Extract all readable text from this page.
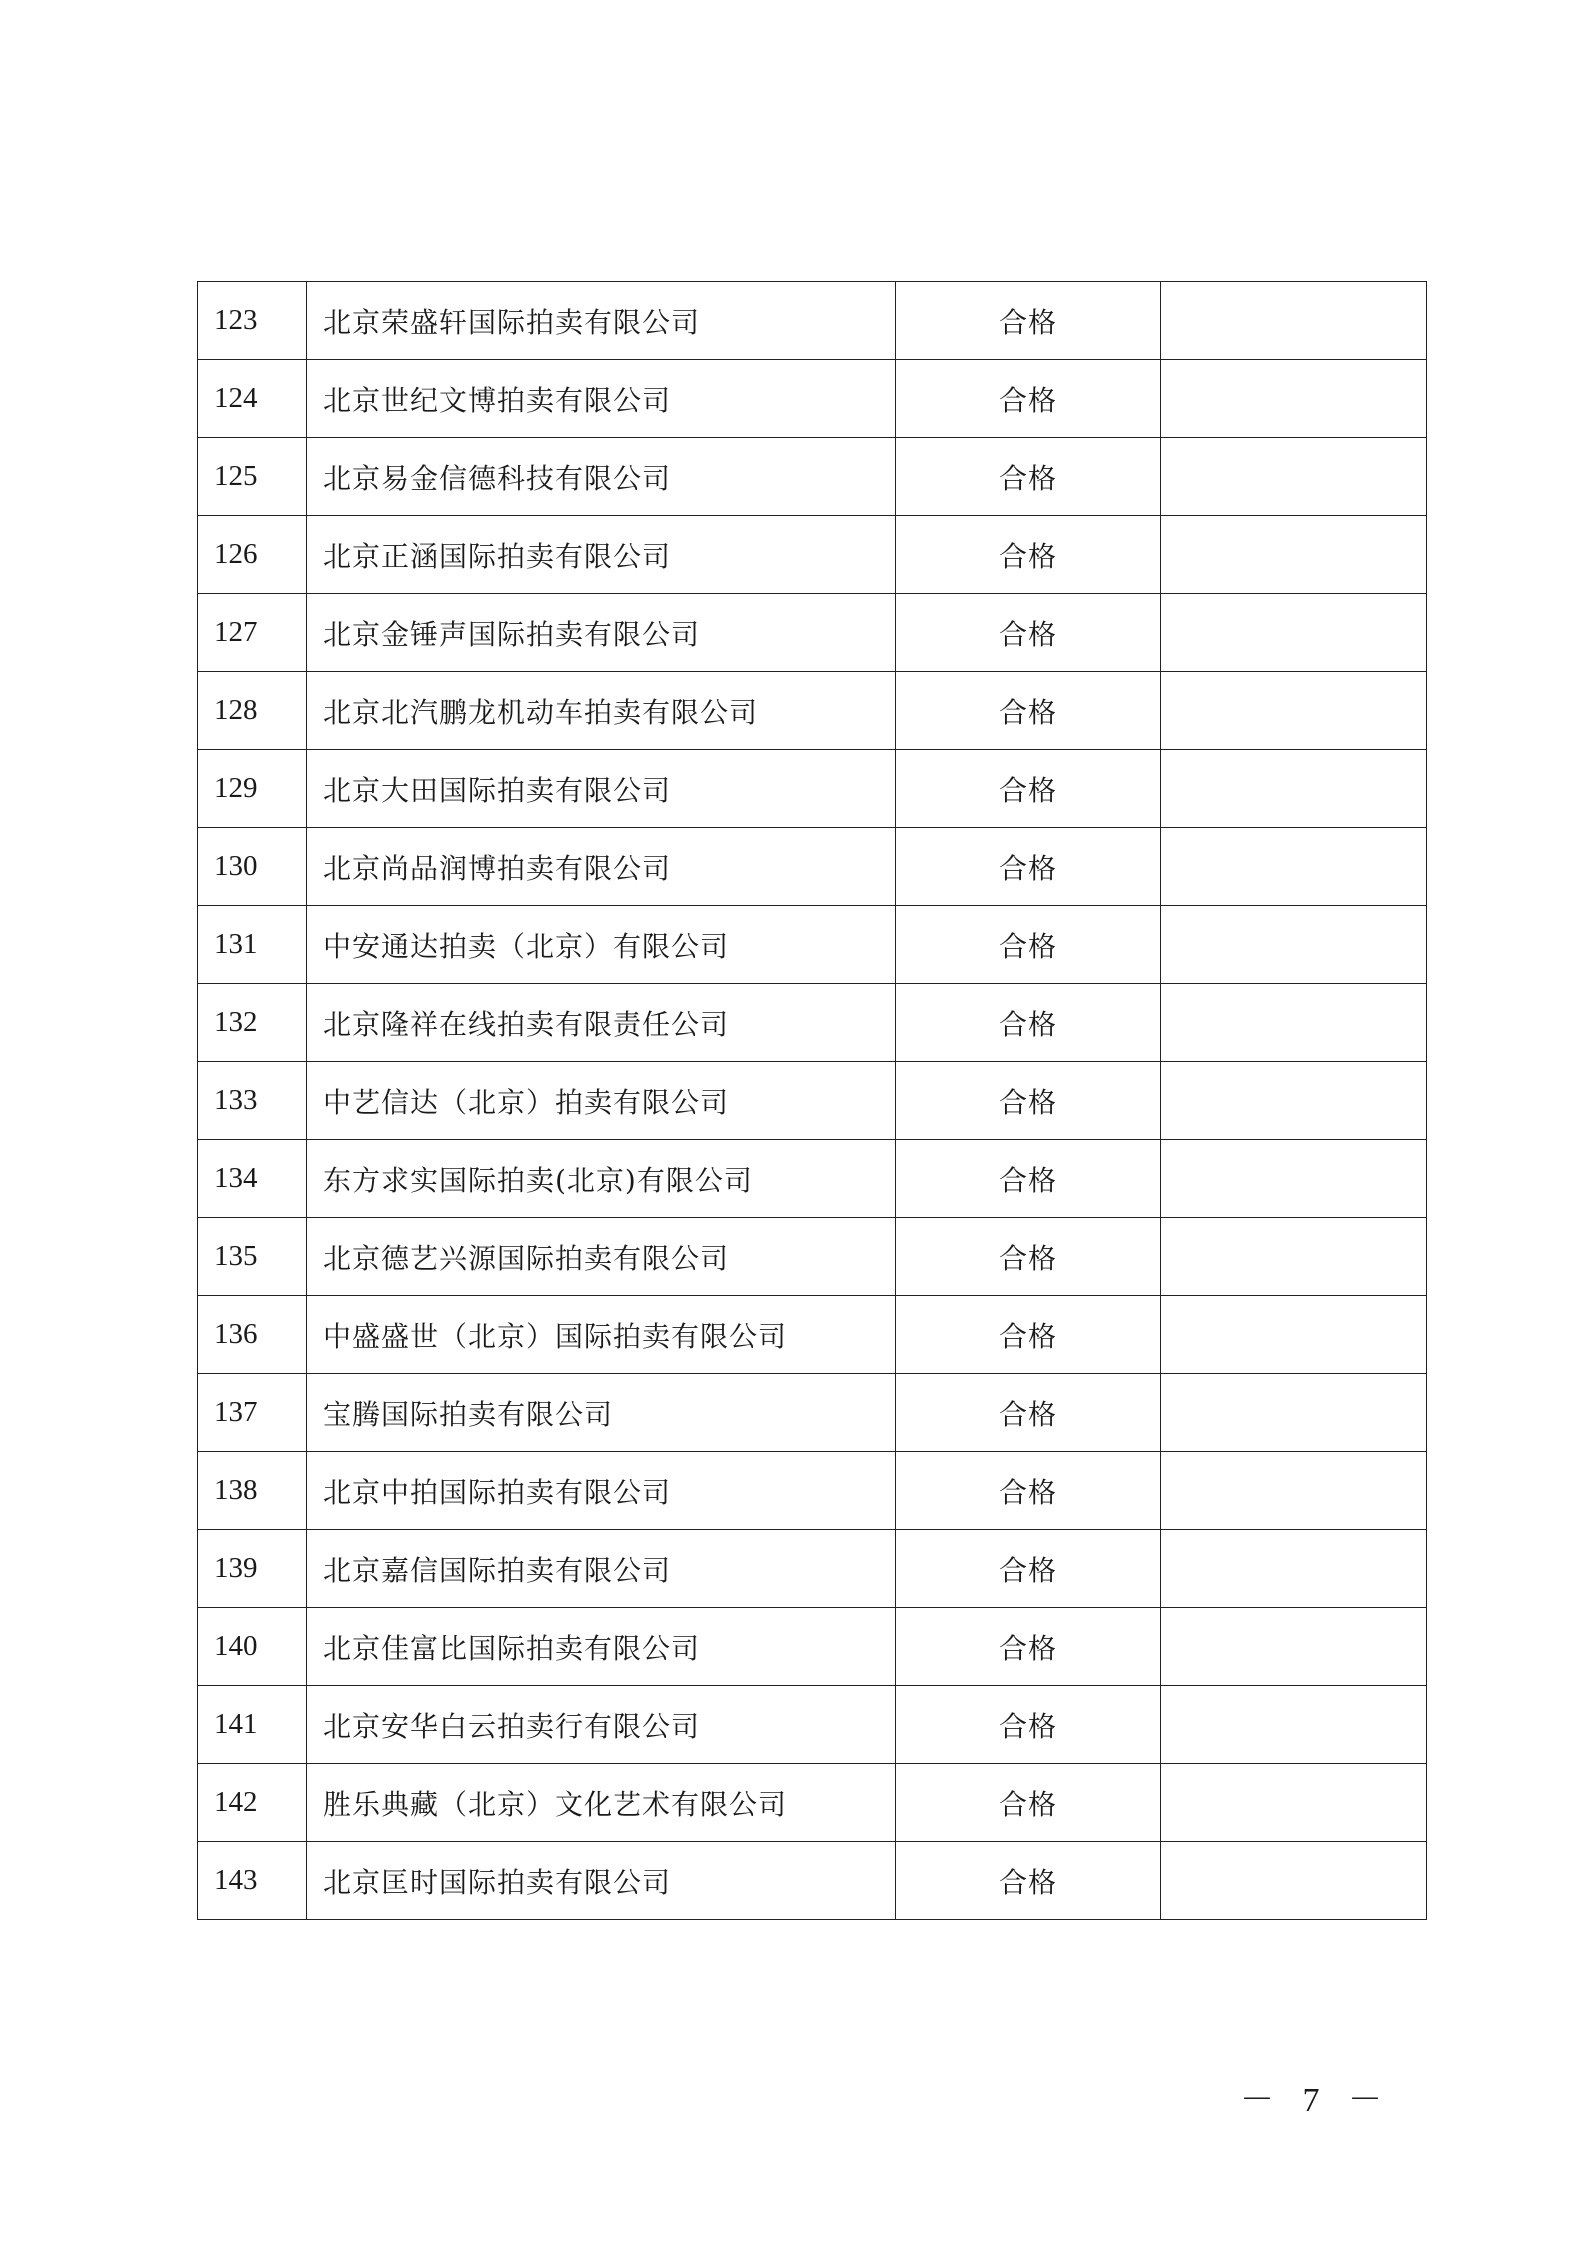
123	北京荣盛轩国际拍卖有限公司	合格	
124	北京世纪文博拍卖有限公司	合格	
125	北京易金信德科技有限公司	合格	
126	北京正涵国际拍卖有限公司	合格	
127	北京金锤声国际拍卖有限公司	合格	
128	北京北汽鹏龙机动车拍卖有限公司	合格	
129	北京大田国际拍卖有限公司	合格	
130	北京尚品润博拍卖有限公司	合格	
131	中安通达拍卖（北京）有限公司	合格	
132	北京隆祥在线拍卖有限责任公司	合格	
133	中艺信达（北京）拍卖有限公司	合格	
134	东方求实国际拍卖(北京)有限公司	合格	
135	北京德艺兴源国际拍卖有限公司	合格	
136	中盛盛世（北京）国际拍卖有限公司	合格	
137	宝腾国际拍卖有限公司	合格	
138	北京中拍国际拍卖有限公司	合格	
139	北京嘉信国际拍卖有限公司	合格	
140	北京佳富比国际拍卖有限公司	合格	
141	北京安华白云拍卖行有限公司	合格	
142	胜乐典藏（北京）文化艺术有限公司	合格	
143	北京匡时国际拍卖有限公司	合格	
－ 7 －
